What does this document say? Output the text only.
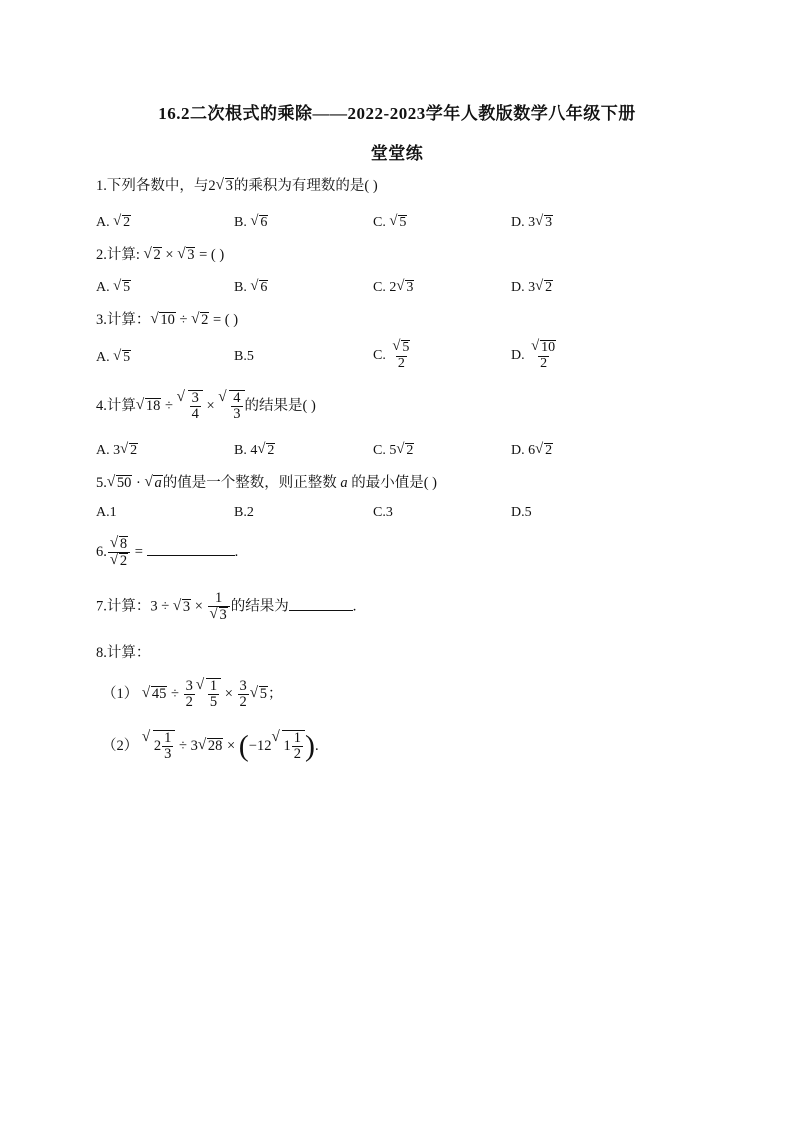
16.2二次根式的乘除——2022-2023学年人教版数学八年级下册
堂堂练
1.下列各数中，与2√ 3的乘积为有理数的是( )
A. √ 2	B. √ 6	C. √ 5	D. 3√ 3
2.计算: √ 2 × √ 3 = ( )
A. √ 5	B. √ 6	C. 2√ 3	D. 3√ 2
3.计算：√ 10 ÷ √ 2 = ( )
A. √ 5	B.5	C.
√ $\frac{5}{2}$	D.
√ $\frac{10}{2}$
4.计算√ 18 ÷
√ $\frac{3}{4}$ ×
√ $\frac{4}{3}$ 的结果是( )
A. 3√ 2	B. 4√ 2	C. 5√ 2	D. 6√ 2
5.√ 50 · √ a的值是一个整数，则正整数 a 的最小值是( )
A.1	B.2	C.3	D.5
6.
√ 8
√ 2 =	.
7.计算：3 ÷ √ 3 × 1
√ 3 的结果为	.
8.计算：
（1） √ $45 \div \frac{3}{2}$
√ $\frac{1}{5} \times \frac{3}{2}$
√ 5；
（2） √ $2 \frac{1}{3} \div 3√$ 28 × (−12√ $1 \frac{1}{2}$ ).
